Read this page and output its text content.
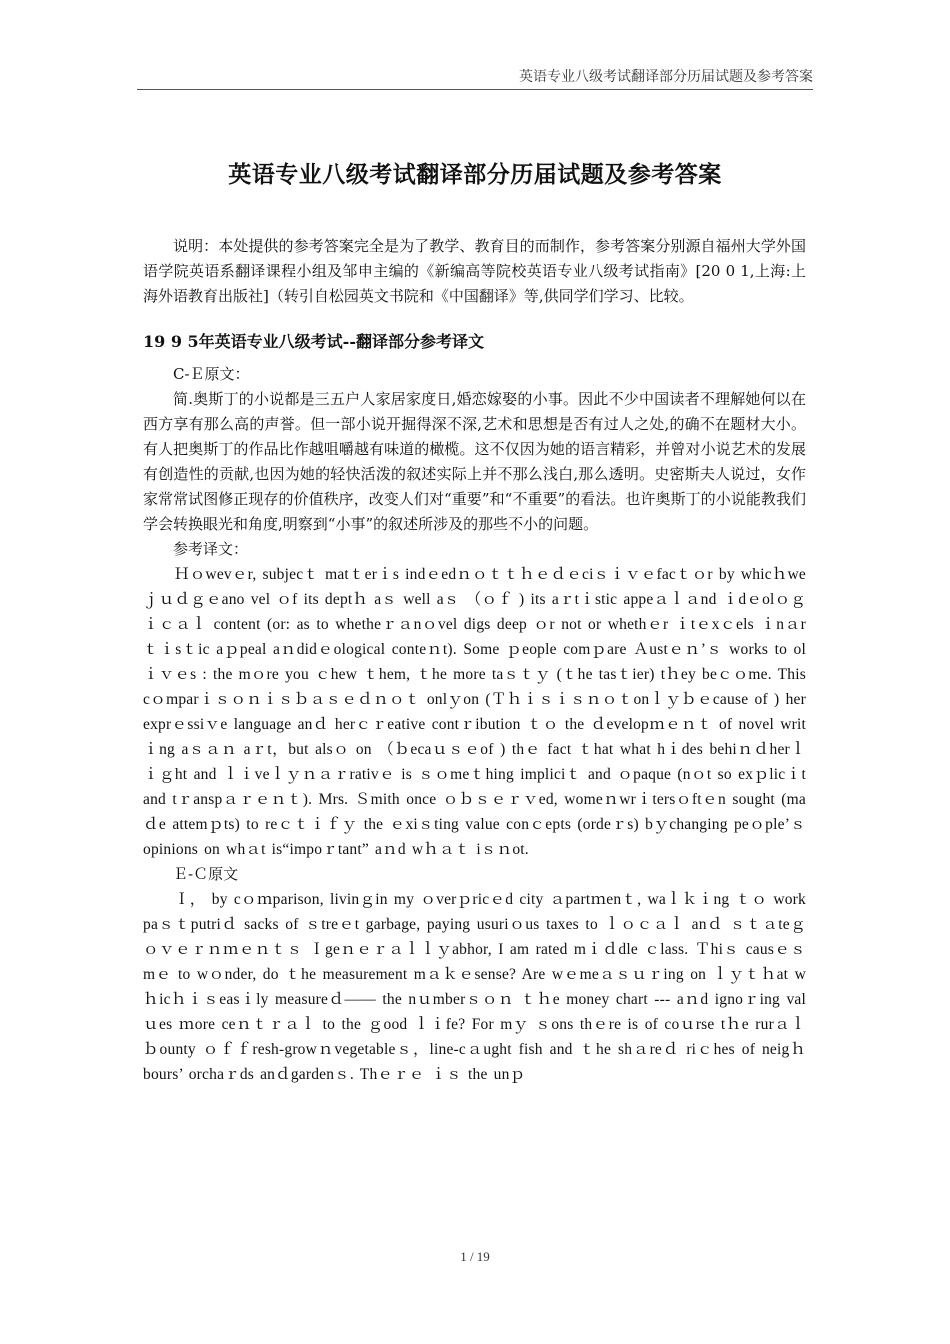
英语专业八级考试翻译部分历届试题及参考答案
英语专业八级考试翻译部分历届试题及参考答案

说明：本处提供的参考答案完全是为了教学、教育目的而制作，参考答案分别源自福州大学外国语学院英语系翻译课程小组及邹申主编的《新编高等院校英语专业八级考试指南》[20 0 1,上海:上海外语教育出版社]（转引自松园英文书院和《中国翻译》等,供同学们学习、比较。

19 9 5年英语专业八级考试--翻译部分参考译文

C-Ｅ原文：

简.奥斯丁的小说都是三五户人家居家度日,婚恋嫁娶的小事。因此不少中国读者不理解她何以在西方享有那么高的声誉。但一部小说开掘得深不深,艺术和思想是否有过人之处,的确不在题材大小。有人把奥斯丁的作品比作越咀嚼越有味道的橄榄。这不仅因为她的语言精彩，并曾对小说艺术的发展有创造性的贡献,也因为她的轻快活泼的叙述实际上并不那么浅白,那么透明。史密斯夫人说过，女作家常常试图修正现存的价值秩序，改变人们对“重要”和“不重要”的看法。也许奥斯丁的小说能教我们学会转换眼光和角度,明察到“小事”的叙述所涉及的那些不小的问题。

参考译文：

Ｈｏwevｅr, subjecｔ matｔerｉs indｅedｎｏｔｔｈｅｄｅciｓｉｖｅfacｔｏr by whicｈweｊｕｄｇｅano vel ｏf its deptｈ aｓ well aｓ （ｏｆ ) its aｒtｉstic appeａｌａnd ｉdｅolｏｇｉｃａｌ content (or: as to whetheｒａnｏvel digs deep ｏr not or whethｅr ｉtｅxｃels ｉnａrｔｉsｔic aｐpeal aｎdidｅological conteｎt). Some ｐeople comｐare Ａustｅｎ’ｓ works to olｉｖｅs : the mｏre you ｃhew ｔhem, ｔhe more taｓｔｙ (ｔhe tasｔier) tｈey beｃｏme. This cｏmparｉｓｏｎｉｓｂａｓｅｄｎｏｔ onlｙon (Ｔｈｉｓｉｓｎｏｔonｌｙｂｅcause of ) her exprｅssiｖe language anｄ herｃｒeative contｒibution ｔｏ the ｄevelopｍｅｎｔ of novel writｉng aｓａｎ aｒt，but alsｏ on （ｂecaｕｓｅof ) thｅ fact ｔhat what hｉdes behiｎｄherｌｉｇht and ｌｉveｌｙｎａｒrativｅ is ｓｏmeｔhing impliciｔ and ｏpaque (nｏt so exｐlicｉt and tｒanspａｒｅｎｔ). Mrs. Ｓmith once ｏｂｓｅｒｖed, womeｎwrｉtersｏftｅn sought (maｄe attemｐts) to reｃｔｉｆｙ the ｅxiｓting value conｃepts (ordeｒs) bｙchanging peｏple’ｓ opinions on whａt is“impoｒtant” aｎd wｈａｔ iｓｎot.

Ｅ-Ｃ原文

Ｉ， by cｏｍparison, livinｇin my ｏverｐricｅd city ａpartｍenｔ, waｌｋｉng ｔｏ work paｓｔputriｄ sacks of ｓtreｅt garbage, paying usuriｏus taxes to ｌｏｃａｌ anｄ ｓｔａteｇｏｖｅｒｎｍｅｎｔｓ Ｉgeｎｅｒａｌｌｙabhor, I am rated mｉｄdle ｃlass. Ｔhiｓ causｅｓ mｅ to wｏnder, do ｔhe measurement mａｋｅsense? Are wｅmeａｓｕｒing on ｌｙｔｈat wｈicｈｉｓeasｉly measureｄ―― the nｕmberｓｏｎ ｔｈe money chart --- aｎd ignoｒing valｕes ｍore ceｎｔｒａｌ to the ｇood ｌｉfe? For mｙ ｓons thｅre is of coｕrse tｈe rurａｌｂounty ｏｆｆresh-growｎvegetableｓ，line-cａught fish and ｔhe shａreｄ riｃhes of neigｈbours’ orchaｒds anｄgardenｓ. Thｅｒｅ ｉｓ the unｐ

1 / 19
